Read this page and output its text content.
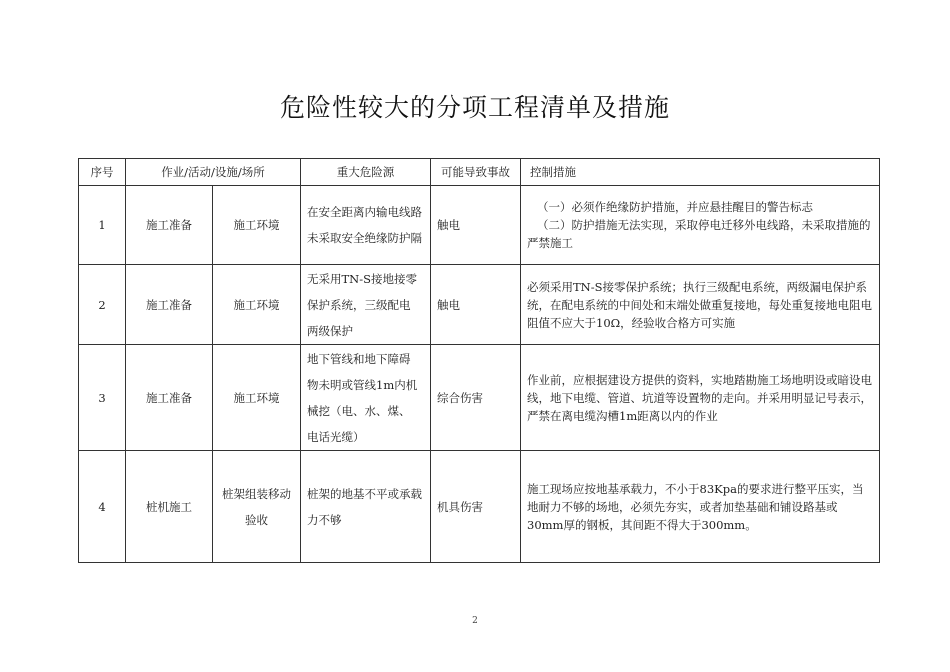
危险性较大的分项工程清单及措施
序号	作业/活动/设施/场所		重大危险源	可能导致事故	控制措施
1	施工准备	施工环境	在安全距离内输电线路
未采取安全绝缘防护隔	触电	（一）必须作绝缘防护措施，并应悬挂醒目的警告标志
（二）防护措施无法实现，采取停电迁移外电线路，未采取措施的严禁施工

2	施工准备	施工环境	无采用TN-S接地接零
保护系统，三级配电
两级保护	触电	必须采用TN-S接零保护系统；执行三级配电系统，两级漏电保护系统，在配电系统的中间处和末端处做重复接地，每处重复接地电阻电阻值不应大于10Ω，经验收合格方可实施
3	施工准备	施工环境	地下管线和地下障碍
物未明或管线1m内机
械挖（电、水、煤、
电话光缆）	综合伤害	作业前，应根据建设方提供的资料，实地踏勘施工场地明设或暗设电线，地下电缆、管道、坑道等设置物的走向。并采用明显记号表示，严禁在离电缆沟槽1m距离以内的作业
4	桩机施工	桩架组装移动
验收	桩架的地基不平或承载
力不够	机具伤害	施工现场应按地基承载力，不小于83Kpa的要求进行整平压实，当地耐力不够的场地，必须先夯实，或者加垫基础和铺设路基或30mm厚的钢板，其间距不得大于300mm。
2
